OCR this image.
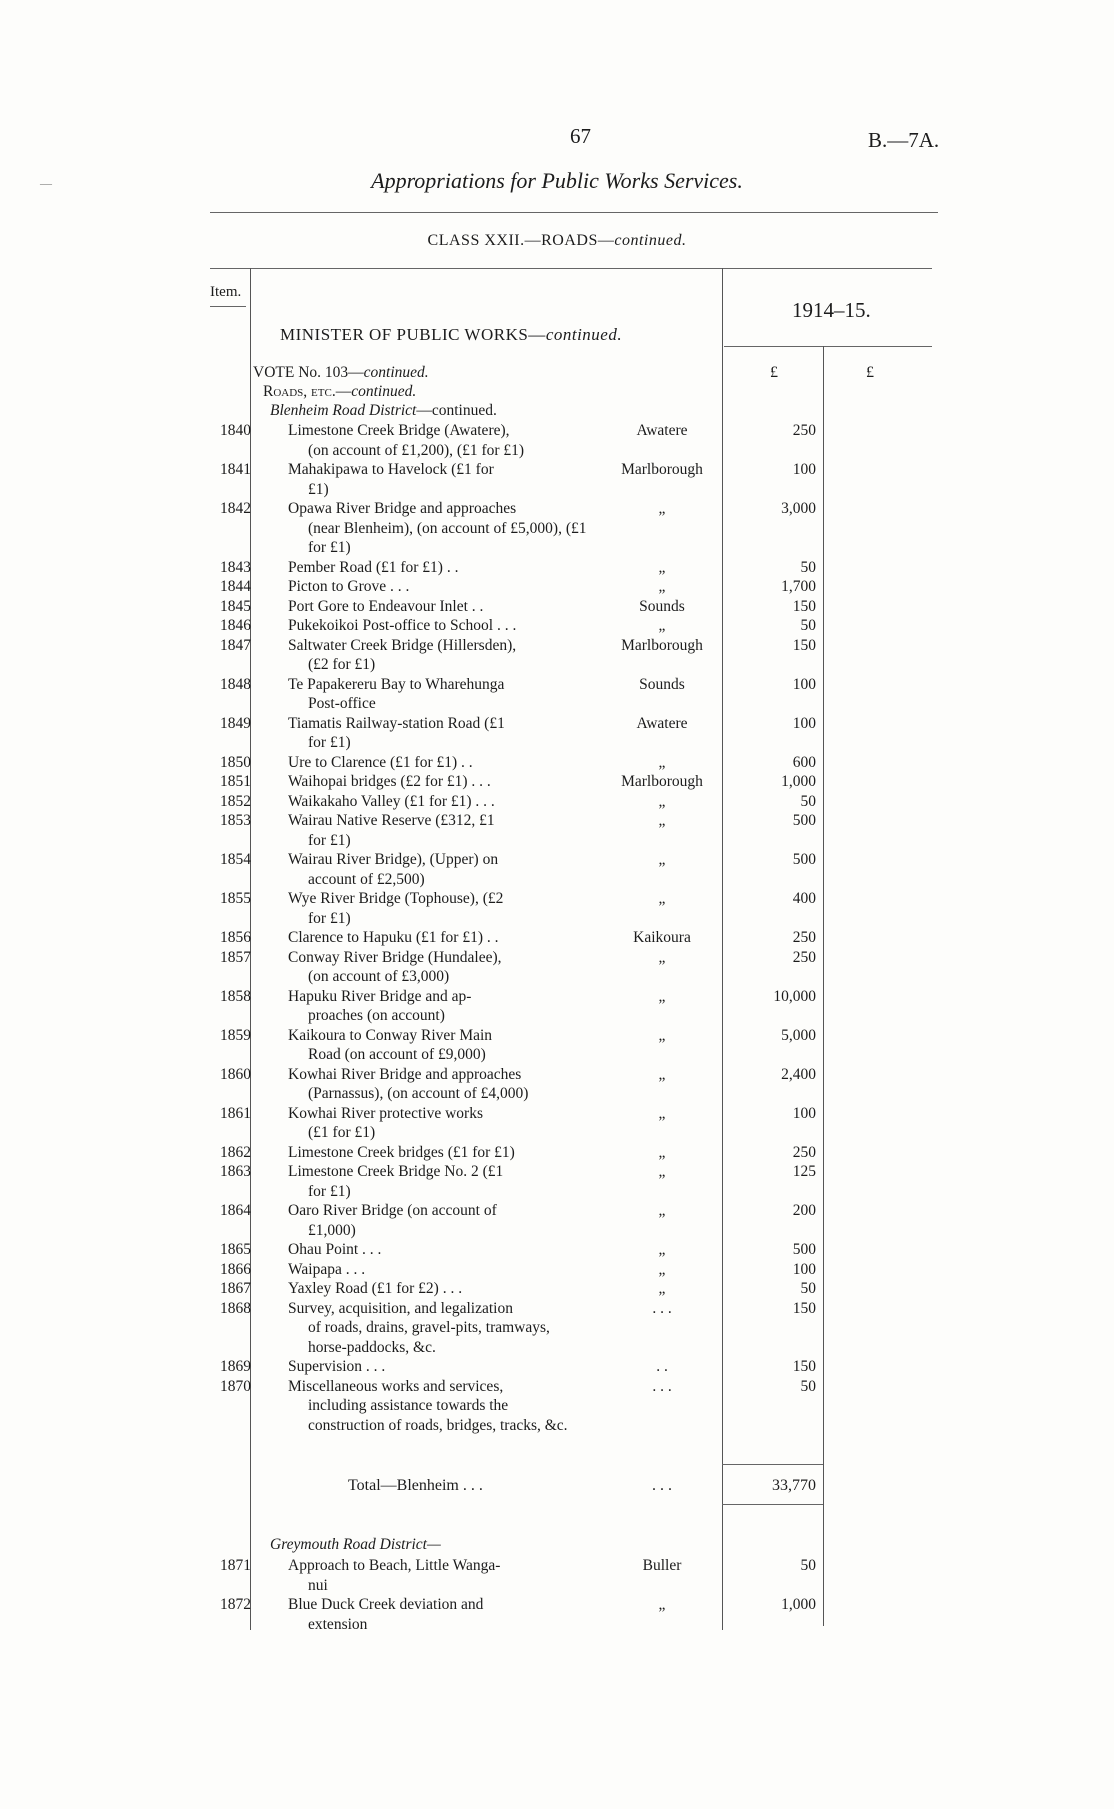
67	B.—7A.
Appropriations for Public Works Services.
CLASS XXII.—ROADS—continued.
Item.
1914–15.
MINISTER OF PUBLIC WORKS—continued.
VOTE No. 103—continued.
Roads, etc.—continued.
Blenheim Road District—continued.
£	£
1840 Limestone Creek Bridge (Awatere),
(on account of £1,200), (£1 for £1)
Awatere	250
1841 Mahakipawa to Havelock (£1 for
£1)
Marlborough	100
1842 Opawa River Bridge and approaches
(near Blenheim), (on account of £5,000), (£1 for £1)
„	3,000
1843 Pember Road (£1 for £1) . .	„	50
1844 Picton to Grove . . .	„	1,700
1845 Port Gore to Endeavour Inlet . .	Sounds	150
1846 Pukekoikoi Post-office to School . . .	„	50
1847 Saltwater Creek Bridge (Hillersden),
(£2 for £1)
Marlborough	150
1848 Te Papakereru Bay to Wharehunga
Post-office
Sounds	100
1849 Tiamatis Railway-station Road (£1
for £1)
Awatere	100
1850 Ure to Clarence (£1 for £1) . .	„	600
1851 Waihopai bridges (£2 for £1) . . .	Marlborough	1,000
1852 Waikakaho Valley (£1 for £1) . . .	„	50
1853 Wairau Native Reserve (£312, £1
for £1)
„	500
1854 Wairau River Bridge), (Upper) on
account of £2,500)
„	500
1855 Wye River Bridge (Tophouse), (£2
for £1)
„	400
1856 Clarence to Hapuku (£1 for £1) . .	Kaikoura	250
1857 Conway River Bridge (Hundalee),
(on account of £3,000)
„	250
1858 Hapuku River Bridge and ap-
proaches (on account)
„	10,000
1859 Kaikoura to Conway River Main
Road (on account of £9,000)
„	5,000
1860 Kowhai River Bridge and approaches
(Parnassus), (on account of £4,000)
„	2,400
1861 Kowhai River protective works
(£1 for £1)
„	100
1862 Limestone Creek bridges (£1 for £1)	„	250
1863 Limestone Creek Bridge No. 2 (£1
for £1)
„	125
1864 Oaro River Bridge (on account of
£1,000)
„	200
1865 Ohau Point . . .	„	500
1866 Waipapa . . .	„	100
1867 Yaxley Road (£1 for £2) . . .	„	50
1868 Survey, acquisition, and legalization
of roads, drains, gravel-pits, tramways, horse-paddocks, &c.
. . .	150
1869 Supervision . . .	. .	150
1870 Miscellaneous works and services,
including assistance towards the construction of roads, bridges, tracks, &c.
. . .	50
Total—Blenheim . . .	. . .	33,770
Greymouth Road District—
1871 Approach to Beach, Little Wanga-
nui
Buller	50
1872 Blue Duck Creek deviation and
extension
„	1,000
—
